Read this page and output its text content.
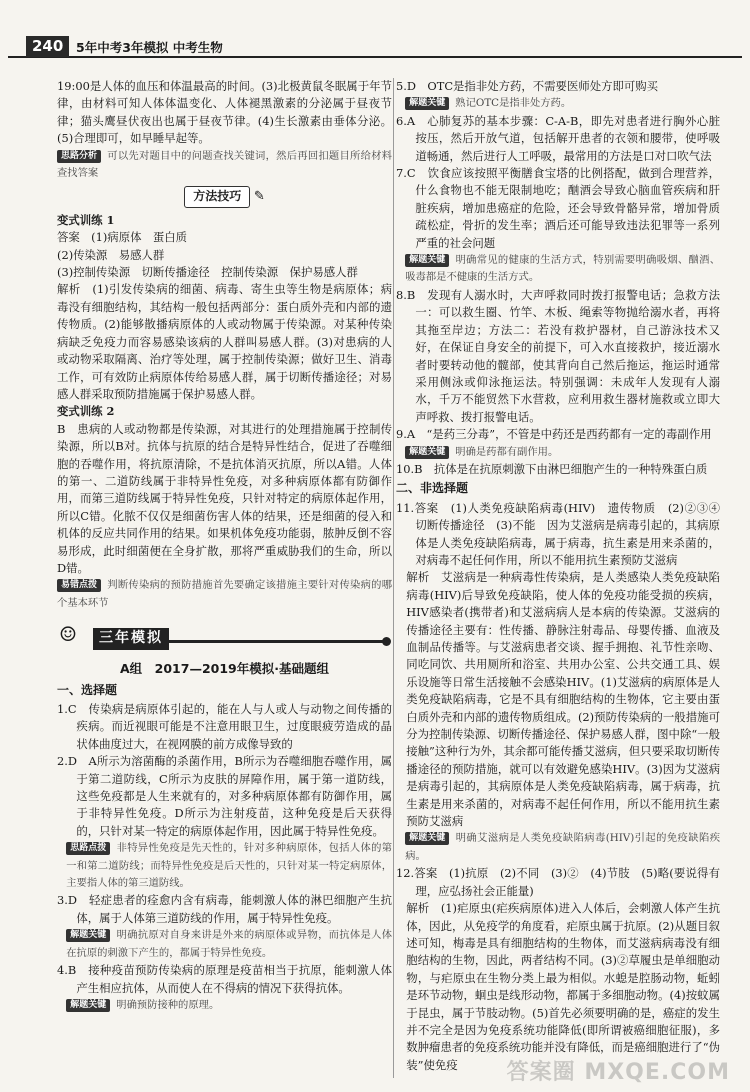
240	5年中考3年模拟 中考生物

19:00是人体的血压和体温最高的时间。(3)北极黄鼠冬眠属于年节律，由材料可知人体体温变化、人体褪黑激素的分泌属于昼夜节律；猫头鹰昼伏夜出也属于昼夜节律。(4)生长激素由垂体分泌。(5)合理即可，如早睡早起等。

思路分析 可以先对题目中的问题查找关键词，然后再回扣题目所给材料查找答案

方法技巧 ✎

变式训练 1

答案　(1)病原体　蛋白质

(2)传染源　易感人群

(3)控制传染源　切断传播途径　控制传染源　保护易感人群

解析　(1)引发传染病的细菌、病毒、寄生虫等生物是病原体；病毒没有细胞结构，其结构一般包括两部分：蛋白质外壳和内部的遗传物质。(2)能够散播病原体的人或动物属于传染源。对某种传染病缺乏免疫力而容易感染该病的人群叫易感人群。(3)对患病的人或动物采取隔离、治疗等处理，属于控制传染源；做好卫生、消毒工作，可有效防止病原体传给易感人群，属于切断传播途径；对易感人群采取预防措施属于保护易感人群。

变式训练 2

B　患病的人或动物都是传染源，对其进行的处理措施属于控制传染源，所以B对。抗体与抗原的结合是特异性结合，促进了吞噬细胞的吞噬作用，将抗原清除，不是抗体消灭抗原，所以A错。人体的第一、二道防线属于非特异性免疫，对多种病原体都有防御作用，而第三道防线属于特异性免疫，只针对特定的病原体起作用，所以C错。化脓不仅仅是细菌伤害人体的结果，还是细菌的侵入和机体的反应共同作用的结果。如果机体免疫功能弱，脓肿反倒不容易形成，此时细菌便在全身扩散，那将严重威胁我们的生命，所以D错。

易错点拨 判断传染病的预防措施首先要确定该措施主要针对传染病的哪个基本环节

☺	三年模拟

A组　2017—2019年模拟·基础题组

一、选择题

1.C　传染病是病原体引起的，能在人与人或人与动物之间传播的疾病。而近视眼可能是不注意用眼卫生，过度眼疲劳造成的晶状体曲度过大，在视网膜的前方成像导致的

2.D　A所示为溶菌酶的杀菌作用，B所示为吞噬细胞吞噬作用，属于第二道防线，C所示为皮肤的屏障作用，属于第一道防线，这些免疫都是人生来就有的，对多种病原体都有防御作用，属于非特异性免疫。D所示为注射疫苗，这种免疫是后天获得的，只针对某一特定的病原体起作用，因此属于特异性免疫。

思路点拨 非特异性免疫是先天性的，针对多种病原体，包括人体的第一和第二道防线；而特异性免疫是后天性的，只针对某一特定病原体，主要指人体的第三道防线。

3.D　轻症患者的痊愈内含有病毒，能刺激人体的淋巴细胞产生抗体，属于人体第三道防线的作用，属于特异性免疫。

解题关键 明确抗原对自身来讲是外来的病原体或异物，而抗体是人体在抗原的刺激下产生的，都属于特异性免疫。

4.B　接种疫苗预防传染病的原理是疫苗相当于抗原，能刺激人体产生相应抗体，从而使人在不得病的情况下获得抗体。

解题关键 明确预防接种的原理。

5.D　OTC是指非处方药，不需要医师处方即可购买

解题关键 熟记OTC是指非处方药。

6.A　心肺复苏的基本步骤：C-A-B，即先对患者进行胸外心脏按压，然后开放气道，包括解开患者的衣领和腰带，使呼吸道畅通，然后进行人工呼吸，最常用的方法是口对口吹气法

7.C　饮食应该按照平衡膳食宝塔的比例搭配，做到合理营养，什么食物也不能无限制地吃；酗酒会导致心脑血管疾病和肝脏疾病，增加患癌症的危险，还会导致骨骼异常，增加骨质疏松症，骨折的发生率；酒后还可能导致违法犯罪等一系列严重的社会问题

解题关键 明确常见的健康的生活方式，特别需要明确吸烟、酗酒、吸毒都是不健康的生活方式。

8.B　发现有人溺水时，大声呼救同时拨打报警电话；急救方法一：可以救生圈、竹竿、木板、绳索等物抛给溺水者，再将其拖至岸边；方法二：若没有救护器材，自己游泳技术又好，在保证自身安全的前提下，可入水直接救护，接近溺水者时要转动他的髋部，使其背向自己然后拖运，拖运时通常采用侧泳或仰泳拖运法。特别强调：未成年人发现有人溺水，千万不能贸然下水营救，应利用救生器材施救或立即大声呼救、拨打报警电话。

9.A　“是药三分毒”，不管是中药还是西药都有一定的毒副作用

解题关键 明确是药都有副作用。

10.B　抗体是在抗原刺激下由淋巴细胞产生的一种特殊蛋白质

二、非选择题

11.答案　(1)人类免疫缺陷病毒(HIV)　遗传物质　(2)②③④　切断传播途径　(3)不能　因为艾滋病是病毒引起的，其病原体是人类免疫缺陷病毒，属于病毒，抗生素是用来杀菌的，对病毒不起任何作用，所以不能用抗生素预防艾滋病

解析　艾滋病是一种病毒性传染病，是人类感染人类免疫缺陷病毒(HIV)后导致免疫缺陷，使人体的免疫功能受损的疾病，HIV感染者(携带者)和艾滋病病人是本病的传染源。艾滋病的传播途径主要有：性传播、静脉注射毒品、母婴传播、血液及血制品传播等。与艾滋病患者交谈、握手拥抱、礼节性亲吻、同吃同饮、共用厕所和浴室、共用办公室、公共交通工具、娱乐设施等日常生活接触不会感染HIV。(1)艾滋病的病原体是人类免疫缺陷病毒，它是不具有细胞结构的生物体，它主要由蛋白质外壳和内部的遗传物质组成。(2)预防传染病的一般措施可分为控制传染源、切断传播途径、保护易感人群，图中除“一般接触”这种行为外，其余都可能传播艾滋病，但只要采取切断传播途径的预防措施，就可以有效避免感染HIV。(3)因为艾滋病是病毒引起的，其病原体是人类免疫缺陷病毒，属于病毒，抗生素是用来杀菌的，对病毒不起任何作用，所以不能用抗生素预防艾滋病

解题关键 明确艾滋病是人类免疫缺陷病毒(HIV)引起的免疫缺陷疾病。

12.答案　(1)抗原　(2)不同　(3)②　(4)节肢　(5)略(要说得有理，应弘扬社会正能量)

解析　(1)疟原虫(疟疾病原体)进入人体后，会刺激人体产生抗体，因此，从免疫学的角度看，疟原虫属于抗原。(2)从题目叙述可知，梅毒是具有细胞结构的生物体，而艾滋病病毒没有细胞结构的生物，因此，两者结构不同。(3)②草履虫是单细胞动物，与疟原虫在生物分类上最为相似。水螅是腔肠动物，蚯蚓是环节动物，蛔虫是线形动物，都属于多细胞动物。(4)按蚊属于昆虫，属于节肢动物。(5)首先必须要明确的是，癌症的发生并不完全是因为免疫系统功能降低(即所谓被癌细胞征服)，多数肿瘤患者的免疫系统功能并没有降低，而是癌细胞进行了“伪装”使免疫	答案圈 MXQE.COM
